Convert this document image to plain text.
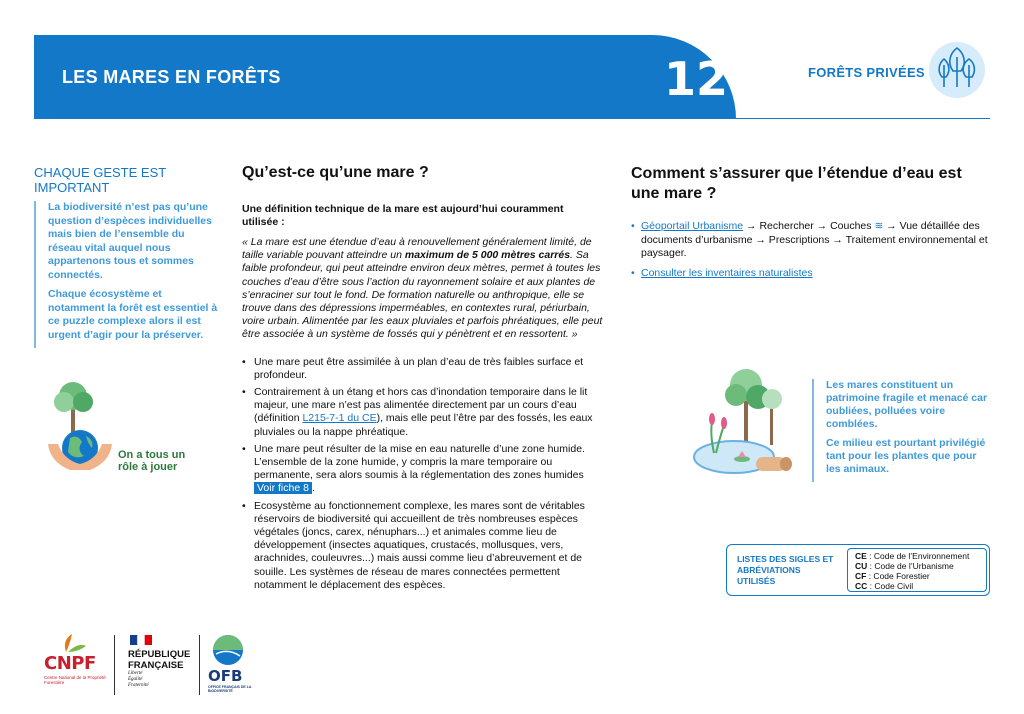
LES MARES EN FORÊTS	12	FORÊTS PRIVÉES
CHAQUE GESTE EST IMPORTANT

La biodiversité n’est pas qu’une question d’espèces individuelles mais bien de l’ensemble du réseau vital auquel nous appartenons tous et sommes connectés.

Chaque écosystème et notamment la forêt est essentiel à ce puzzle complexe alors il est urgent d’agir pour la préserver.

On a tous un rôle à jouer
Qu’est-ce qu’une mare ?

Une définition technique de la mare est aujourd’hui couramment utilisée :

« La mare est une étendue d’eau à renouvellement généralement limité, de taille variable pouvant atteindre un maximum de 5 000 mètres carrés. Sa faible profondeur, qui peut atteindre environ deux mètres, permet à toutes les couches d’eau d’être sous l’action du rayonnement solaire et aux plantes de s’enraciner sur tout le fond. De formation naturelle ou anthropique, elle se trouve dans des dépressions imperméables, en contextes rural, périurbain, voire urbain. Alimentée par les eaux pluviales et parfois phréatiques, elle peut être associée à un système de fossés qui y pénètrent et en ressortent. »

• Une mare peut être assimilée à un plan d’eau de très faibles surface et profondeur.
• Contrairement à un étang et hors cas d’inondation temporaire dans le lit majeur, une mare n’est pas alimentée directement par un cours d’eau (définition L215-7-1 du CE), mais elle peut l’être par des fossés, les eaux pluviales ou la nappe phréatique.
• Une mare peut résulter de la mise en eau naturelle d’une zone humide. L’ensemble de la zone humide, y compris la mare temporaire ou permanente, sera alors soumis à la réglementation des zones humides Voir fiche 8 .
• Ecosystème au fonctionnement complexe, les mares sont de véritables réservoirs de biodiversité qui accueillent de très nombreuses espèces végétales (joncs, carex, nénuphars...) et animales comme lieu de développement (insectes aquatiques, crustacés, mollusques, vers, arachnides, couleuvres...) mais aussi comme lieu d’abreuvement et de souille. Les systèmes de réseau de mares connectées permettent notamment le déplacement des espèces.
Comment s’assurer que l’étendue d’eau est une mare ?
• Géoportail Urbanisme → Rechercher → Couches ≋ → Vue détaillée des documents d’urbanisme → Prescriptions → Traitement environnemental et paysager.
• Consulter les inventaires naturalistes

Les mares constituent un patrimoine fragile et menacé car oubliées, polluées voire comblées.

Ce milieu est pourtant privilégié tant pour les plantes que pour les animaux.

LISTES DES SIGLES ET ABRÉVIATIONS UTILISÉS
CE : Code de l’Environnement
CU : Code de l’Urbanisme
CF : Code Forestier
CC : Code Civil
CNPF
Centre National de la Propriété Forestière
RÉPUBLIQUE
FRANÇAISE
Liberté
Égalité
Fraternité
OFB
OFFICE FRANÇAIS DE LA BIODIVERSITÉ
